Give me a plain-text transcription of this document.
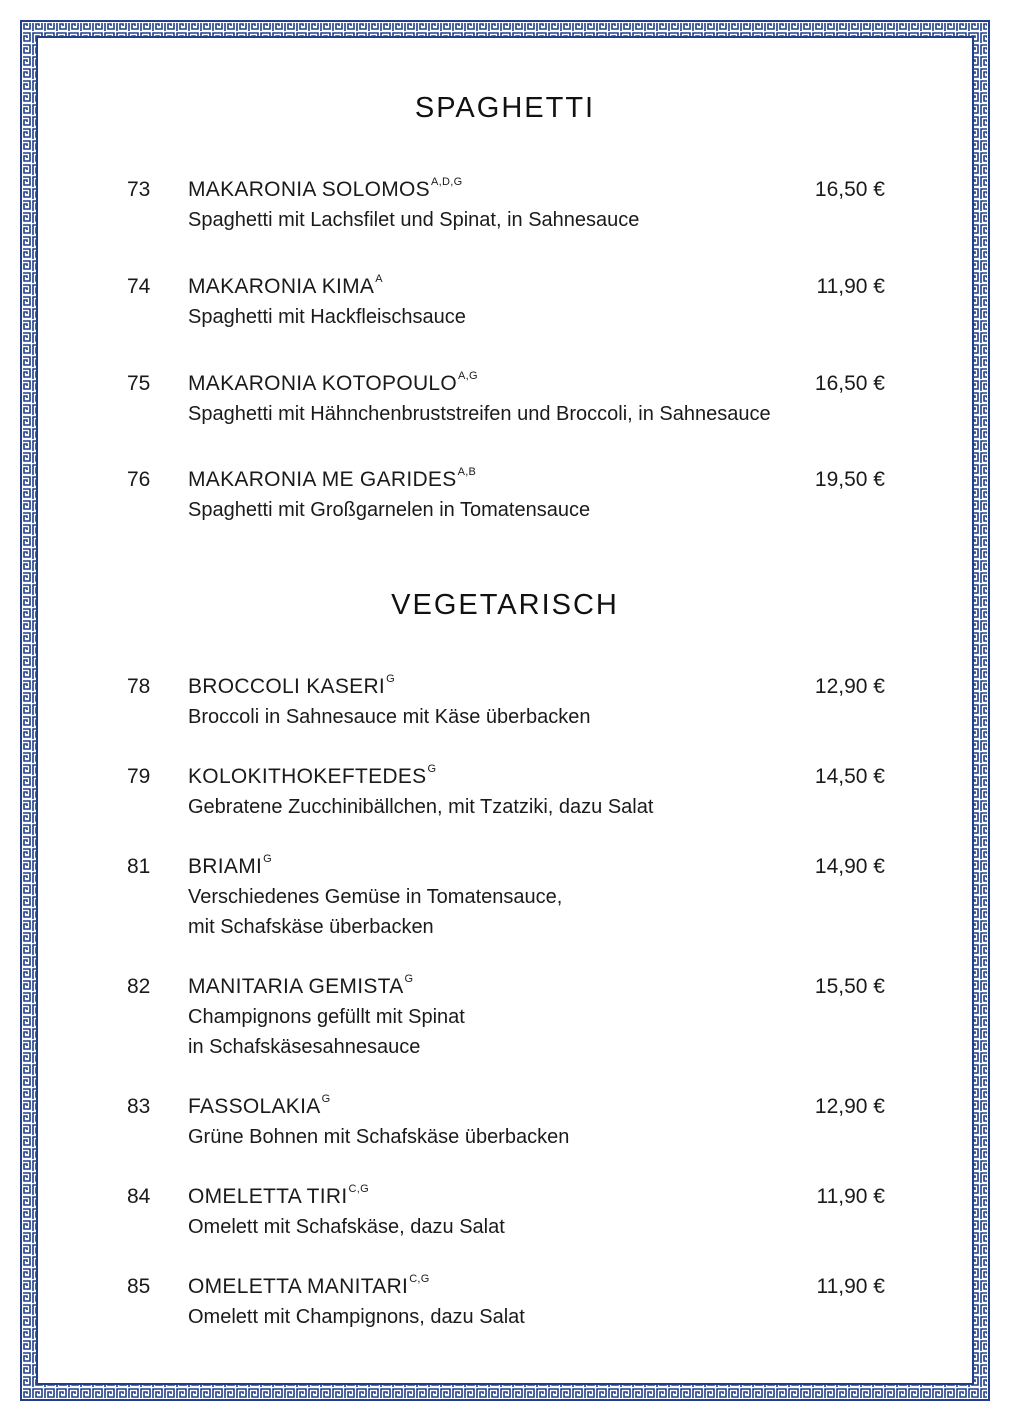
SPAGHETTI
73 MAKARONIA $SOLOMOS^{A,D,G}$	16,50 €
Spaghetti mit Lachsfilet und Spinat, in Sahnesauce
74 MAKARONIA $KIMA^A$	11,90 €
Spaghetti mit Hackfleischsauce
75 MAKARONIA $KOTOPOULO^{A,G}$	16,50 €
Spaghetti mit Hähnchenbruststreifen und Broccoli, in Sahnesauce
76 MAKARONIA ME $GARIDES^{A,B}$	19,50 €
Spaghetti mit Großgarnelen in Tomatensauce
VEGETARISCH
78 BROCCOLI $KASERI^G$	12,90 €
Broccoli in Sahnesauce mit Käse überbacken
79 $KOLOKITHOKEFTEDES^G$	14,50 €
Gebratene Zucchinibällchen, mit Tzatziki, dazu Salat
81 $BRIAMI^G$	14,90 €
Verschiedenes Gemüse in Tomatensauce,
mit Schafskäse überbacken
82 MANITARIA $GEMISTA^G$	15,50 €
Champignons gefüllt mit Spinat
in Schafskäsesahnesauce
83 $FASSOLAKIA^G$	12,90 €
Grüne Bohnen mit Schafskäse überbacken
84 OMELETTA $TIRI^{C,G}$	11,90 €
Omelett mit Schafskäse, dazu Salat
85 OMELETTA $MANITARI^{C,G}$	11,90 €
Omelett mit Champignons, dazu Salat
